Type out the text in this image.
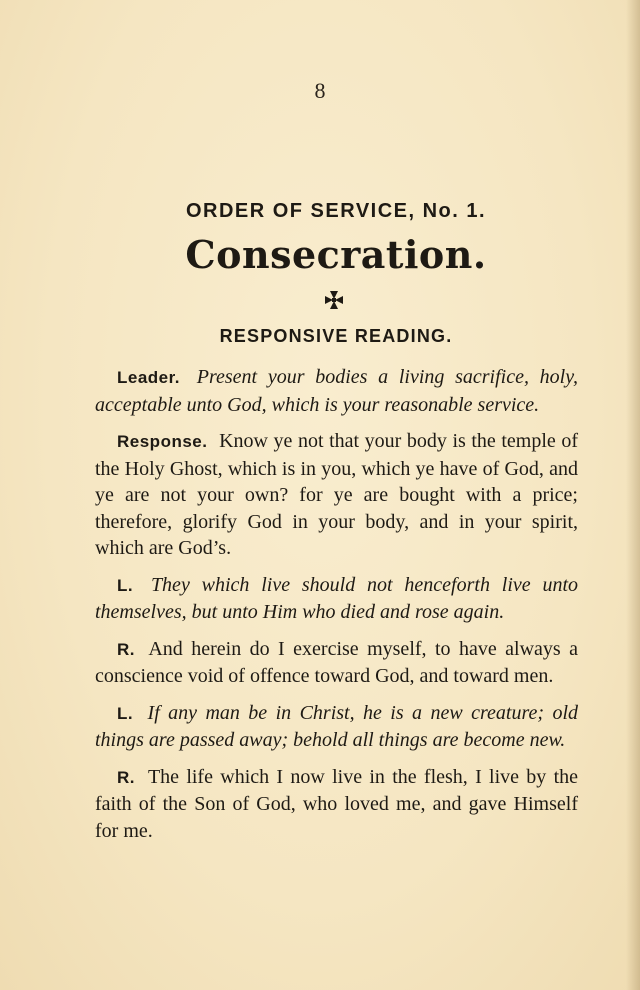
8
ORDER OF SERVICE, No. 1.
Consecration.
RESPONSIVE READING.

Leader. Present your bodies a living sacrifice, holy, acceptable unto God, which is your reasonable service.

Response. Know ye not that your body is the temple of the Holy Ghost, which is in you, which ye have of God, and ye are not your own? for ye are bought with a price; therefore, glorify God in your body, and in your spirit, which are God’s.

L. They which live should not henceforth live unto themselves, but unto Him who died and rose again.

R. And herein do I exercise myself, to have always a conscience void of offence toward God, and toward men.

L. If any man be in Christ, he is a new creature; old things are passed away; behold all things are become new.

R. The life which I now live in the flesh, I live by the faith of the Son of God, who loved me, and gave Himself for me.
